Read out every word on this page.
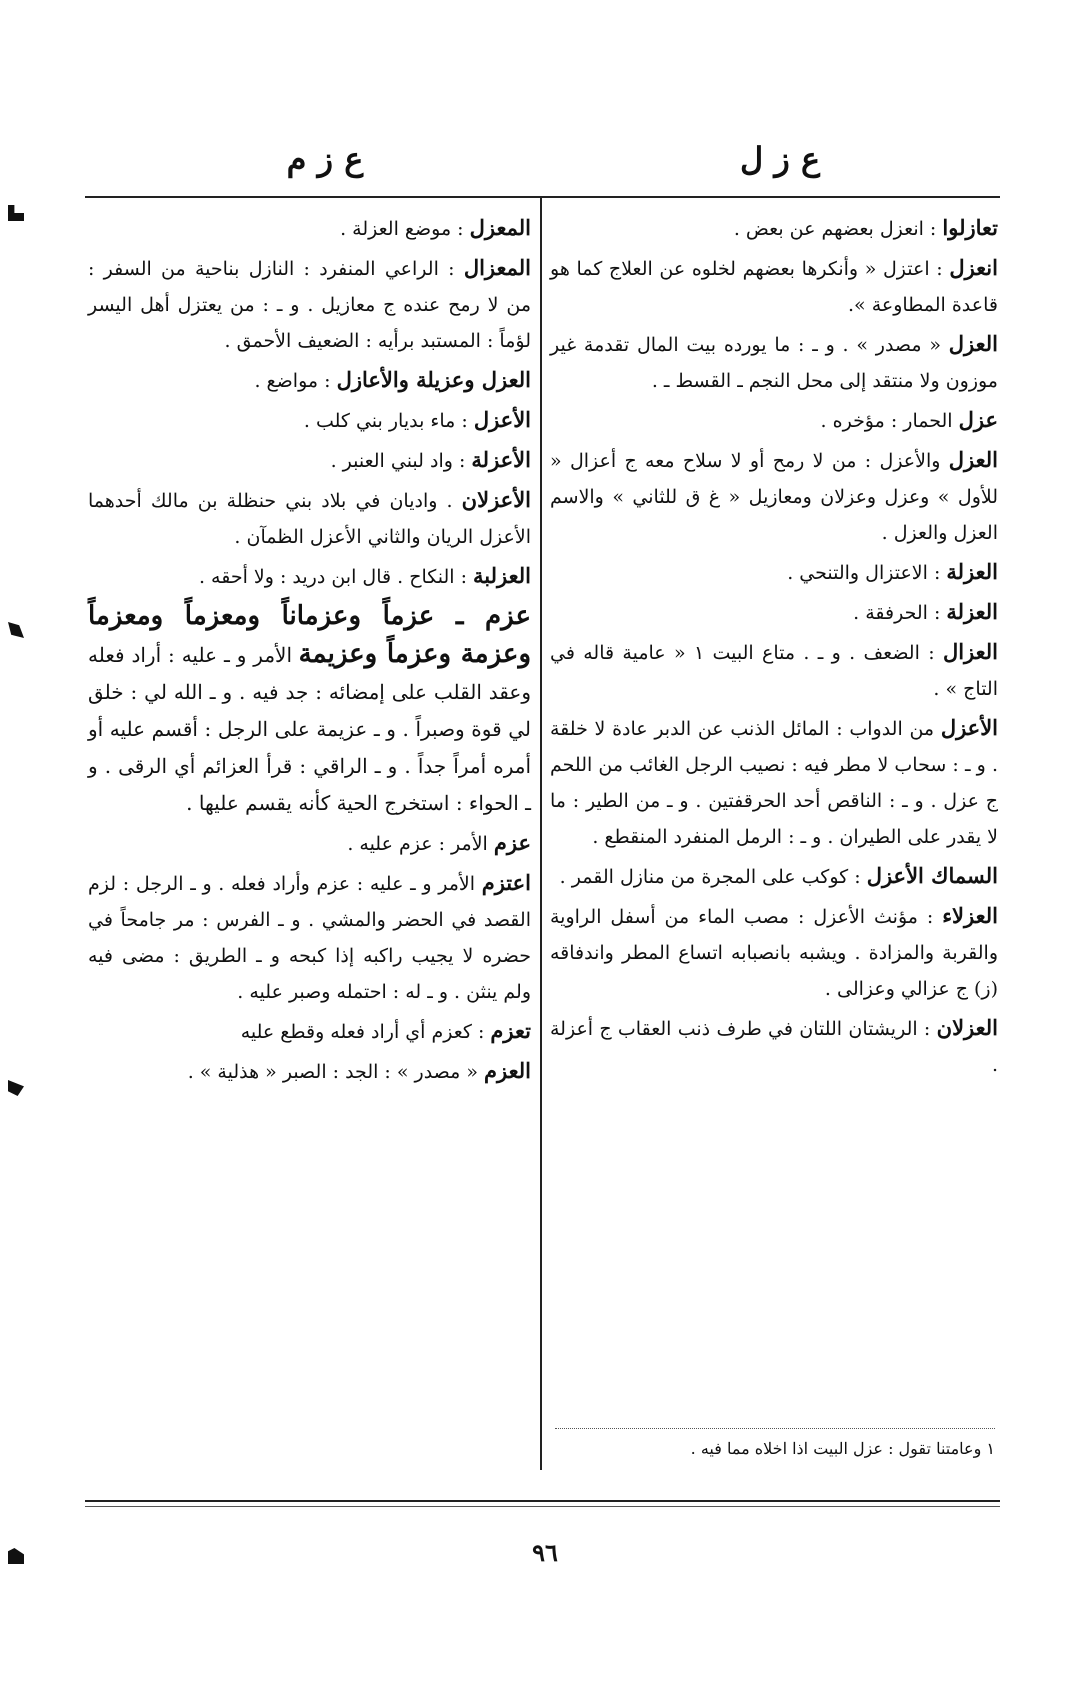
ع ز ل
ع ز م

تعازلوا : انعزل بعضهم عن بعض .

انعزل : اعتزل « وأنكرها بعضهم لخلوه عن العلاج كما هو قاعدة المطاوعة ».

العزل « مصدر » . و ـ : ما يورده بيت المال تقدمة غير موزون ولا منتقد إلى محل النجم ـ القسط ـ .

عزل الحمار : مؤخره .

العزل والأعزل : من لا رمح أو لا سلاح معه ج أعزال « للأول » وعزل وعزلان ومعازيل « غ ق للثاني » والاسم العزل والعزل .

العزلة : الاعتزال والتنحي .

العزلة : الحرفقة .

العزال : الضعف . و ـ . متاع البيت ١ « عامية قاله في التاج » .

الأعزل من الدواب : المائل الذنب عن الدبر عادة لا خلقة . و ـ : سحاب لا مطر فيه : نصيب الرجل الغائب من اللحم ج عزل . و ـ : الناقص أحد الحرقفتين . و ـ من الطير : ما لا يقدر على الطيران . و ـ : الرمل المنفرد المنقطع .

السماك الأعزل : كوكب على المجرة من منازل القمر .

العزلاء : مؤنث الأعزل : مصب الماء من أسفل الراوية والقربة والمزادة . ويشبه بانصبابه اتساع المطر واندفاقه (ز) ج عزالي وعزالى .

العزلان : الريشتان اللتان في طرف ذنب العقاب ج أعزلة .

المعزل : موضع العزلة .

المعزال : الراعي المنفرد : النازل بناحية من السفر : من لا رمح عنده ج معازيل . و ـ : من يعتزل أهل اليسر لؤماً : المستبد برأيه : الضعيف الأحمق .

العزل وعزيلة والأعازل : مواضع .

الأعزل : ماء بديار بني كلب .

الأعزلة : واد لبني العنبر .

الأعزلان . واديان في بلاد بني حنظلة بن مالك أحدهما الأعزل الريان والثاني الأعزل الظمآن .

العزلبة : النكاح . قال ابن دريد : ولا أحقه .

عزم ـ عزماً وعزماناً ومعزماً ومعزماً وعزمة وعزماً وعزيمة الأمر و ـ عليه : أراد فعله وعقد القلب على إمضائه : جد فيه . و ـ الله لي : خلق لي قوة وصبراً . و ـ عزيمة على الرجل : أقسم عليه أو أمره أمراً جداً . و ـ الراقي : قرأ العزائم أي الرقى . و ـ الحواء : استخرج الحية كأنه يقسم عليها .

عزم الأمر : عزم عليه .

اعتزم الأمر و ـ عليه : عزم وأراد فعله . و ـ الرجل : لزم القصد في الحضر والمشي . و ـ الفرس : مر جامحاً في حضره لا يجيب راكبه إذا كبحه و ـ الطريق : مضى فيه ولم ينثن . و ـ له : احتمله وصبر عليه .

تعزم : كعزم أي أراد فعله وقطع عليه

العزم « مصدر » : الجد : الصبر « هذلية » .

١ وعامتنا تقول : عزل البيت اذا اخلاه مما فيه .
٩٦
